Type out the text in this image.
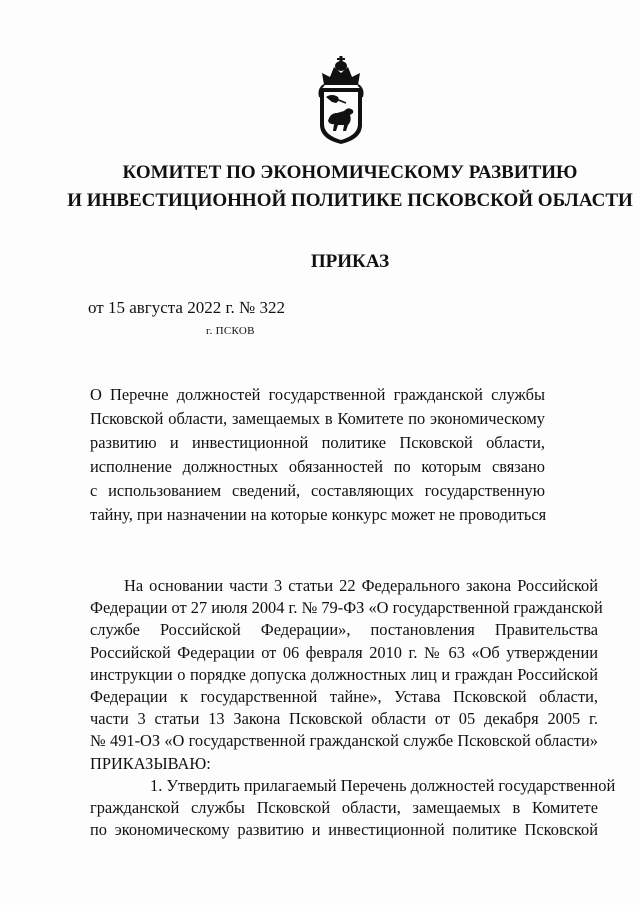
КОМИТЕТ ПО ЭКОНОМИЧЕСКОМУ РАЗВИТИЮ
И ИНВЕСТИЦИОННОЙ ПОЛИТИКЕ ПСКОВСКОЙ ОБЛАСТИ
ПРИКАЗ
от 15 августа 2022 г. № 322
г. ПСКОВ
О Перечне должностей государственной гражданской службы
Псковской области, замещаемых в Комитете по экономическому
развитию и инвестиционной политике Псковской области,
исполнение должностных обязанностей по которым связано
с использованием сведений, составляющих государственную
тайну, при назначении на которые конкурс может не проводиться
На основании части 3 статьи 22 Федерального закона Российской
Федерации от 27 июля 2004 г. № 79-ФЗ «О государственной гражданской
службе Российской Федерации», постановления Правительства
Российской Федерации от 06 февраля 2010 г. № 63 «Об утверждении
инструкции о порядке допуска должностных лиц и граждан Российской
Федерации к государственной тайне», Устава Псковской области,
части 3 статьи 13 Закона Псковской области от 05 декабря 2005 г.
№ 491-ОЗ «О государственной гражданской службе Псковской области»
ПРИКАЗЫВАЮ:
1. Утвердить прилагаемый Перечень должностей государственной
гражданской службы Псковской области, замещаемых в Комитете
по экономическому развитию и инвестиционной политике Псковской
